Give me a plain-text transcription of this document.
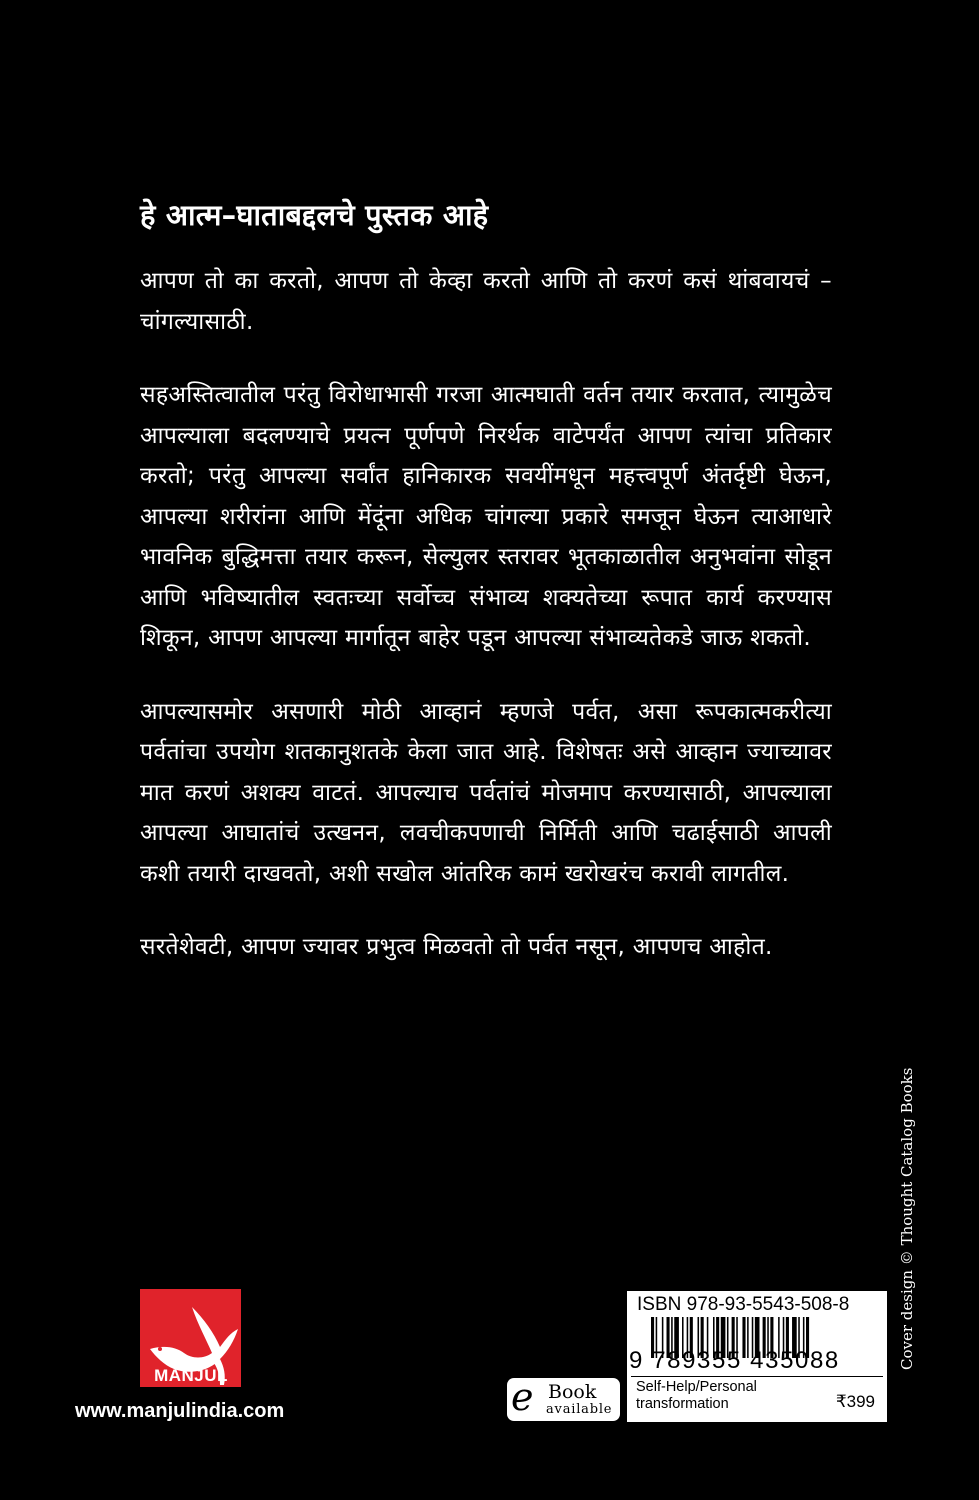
हे आत्म–घाताबद्दलचे पुस्तक आहे

आपण तो का करतो, आपण तो केव्हा करतो आणि तो करणं कसं थांबवायचं – चांगल्यासाठी.

सहअस्तित्वातील परंतु विरोधाभासी गरजा आत्मघाती वर्तन तयार करतात, त्यामुळेच आपल्याला बदलण्याचे प्रयत्न पूर्णपणे निरर्थक वाटेपर्यंत आपण त्यांचा प्रतिकार करतो; परंतु आपल्या सर्वांत हानिकारक सवयींमधून महत्त्वपूर्ण अंतर्दृष्टी घेऊन, आपल्या शरीरांना आणि मेंदूंना अधिक चांगल्या प्रकारे समजून घेऊन त्याआधारे भावनिक बुद्धिमत्ता तयार करून, सेल्युलर स्तरावर भूतकाळातील अनुभवांना सोडून आणि भविष्यातील स्वतःच्या सर्वोच्च संभाव्य शक्यतेच्या रूपात कार्य करण्यास शिकून, आपण आपल्या मार्गातून बाहेर पडून आपल्या संभाव्यतेकडे जाऊ शकतो.

आपल्यासमोर असणारी मोठी आव्हानं म्हणजे पर्वत, असा रूपकात्मकरीत्या पर्वतांचा उपयोग शतकानुशतके केला जात आहे. विशेषतः असे आव्हान ज्याच्यावर मात करणं अशक्य वाटतं. आपल्याच पर्वतांचं मोजमाप करण्यासाठी, आपल्याला आपल्या आघातांचं उत्खनन, लवचीकपणाची निर्मिती आणि चढाईसाठी आपली कशी तयारी दाखवतो, अशी सखोल आंतरिक कामं खरोखरंच करावी लागतील.

सरतेशेवटी, आपण ज्यावर प्रभुत्व मिळवतो तो पर्वत नसून, आपणच आहोत.

Cover design © Thought Catalog Books
MANJUL
www.manjulindia.com	e Book
available
ISBN 978-93-5543-508-8
9 789355 435088
Self-Help/Personal transformation	₹399
